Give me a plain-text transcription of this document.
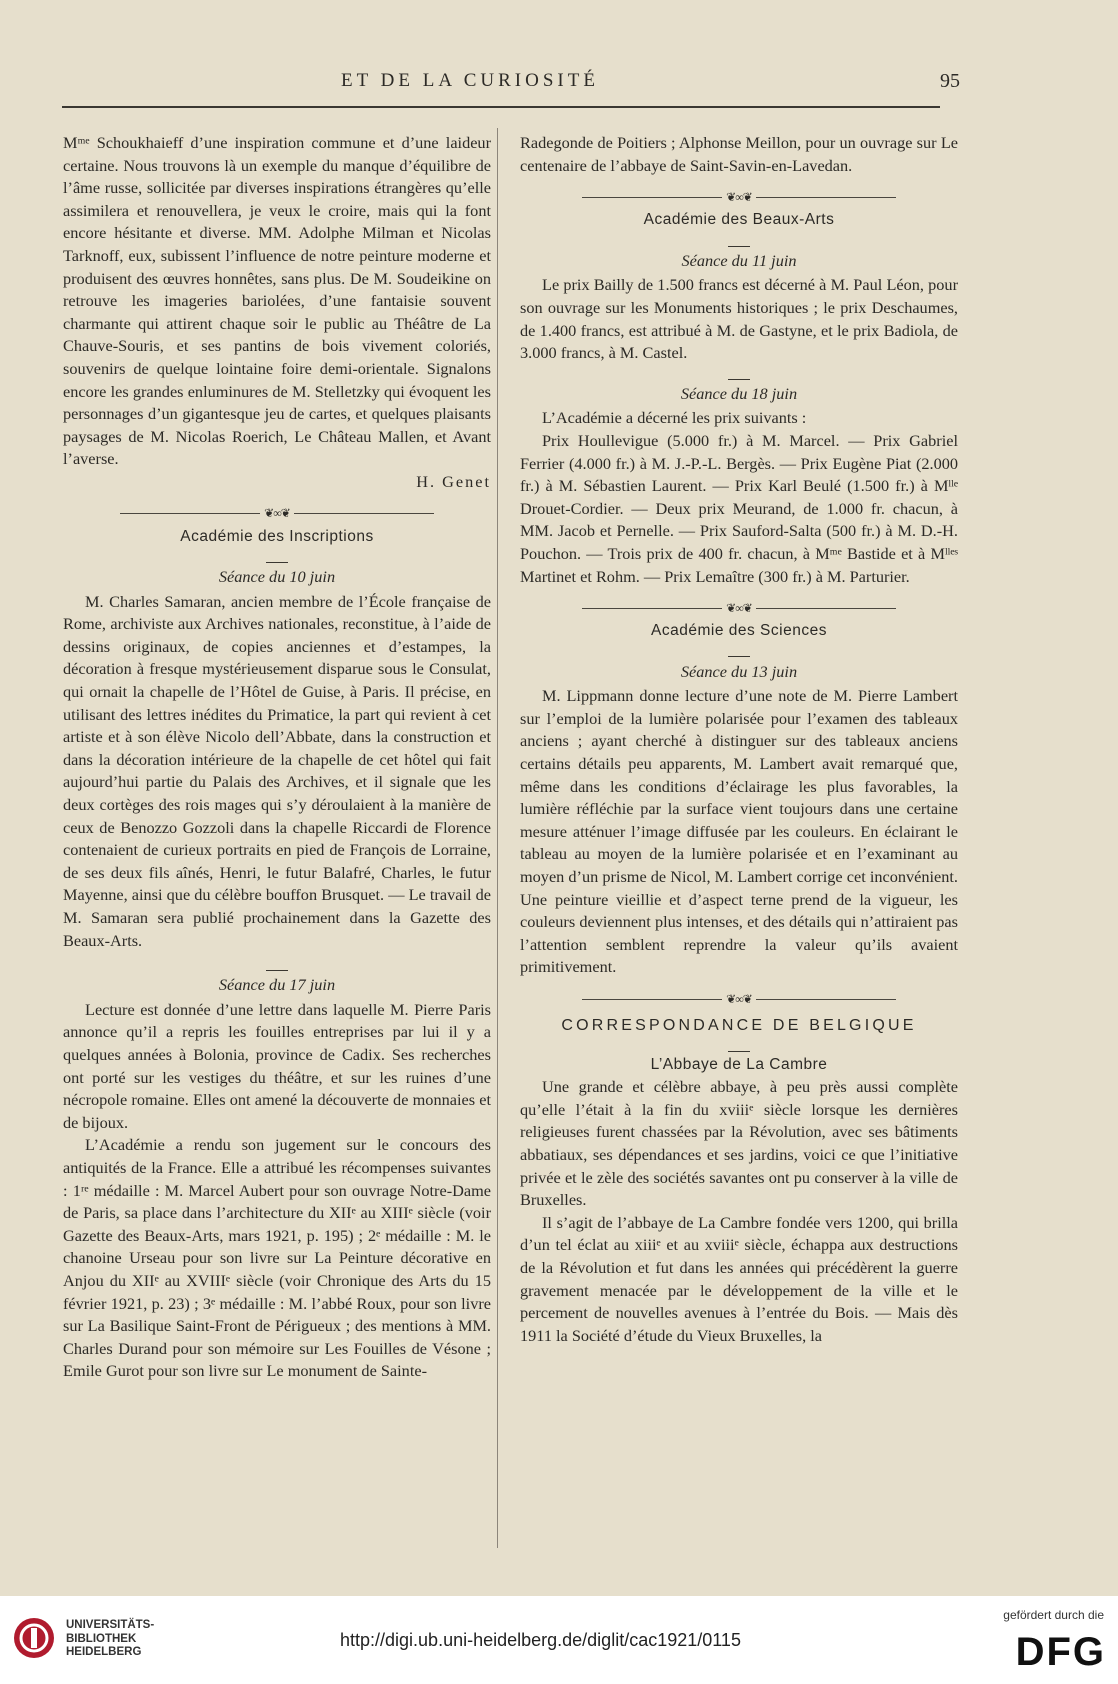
ET DE LA CURIOSITÉ	95

Mᵐᵉ Schoukhaieff d’une inspiration commune et d’une laideur certaine. Nous trouvons là un exemple du manque d’équilibre de l’âme russe, sollicitée par diverses inspirations étrangères qu’elle assimilera et renouvellera, je veux le croire, mais qui la font encore hésitante et diverse. MM. Adolphe Milman et Nicolas Tarknoff, eux, subissent l’influence de notre peinture moderne et produisent des œuvres honnêtes, sans plus. De M. Soudeikine on retrouve les imageries bariolées, d’une fantaisie souvent charmante qui attirent chaque soir le public au Théâtre de La Chauve-Souris, et ses pantins de bois vivement coloriés, souvenirs de quelque lointaine foire demi-orientale. Signalons encore les grandes enluminures de M. Stelletzky qui évoquent les personnages d’un gigantesque jeu de cartes, et quelques plaisants paysages de M. Nicolas Roerich, Le Château Mallen, et Avant l’averse.

H. Genet

❦∞❦
Académie des Inscriptions
Séance du 10 juin

M. Charles Samaran, ancien membre de l’École française de Rome, archiviste aux Archives nationales, reconstitue, à l’aide de dessins originaux, de copies anciennes et d’estampes, la décoration à fresque mystérieusement disparue sous le Consulat, qui ornait la chapelle de l’Hôtel de Guise, à Paris. Il précise, en utilisant des lettres inédites du Primatice, la part qui revient à cet artiste et à son élève Nicolo dell’Abbate, dans la construction et dans la décoration intérieure de la chapelle de cet hôtel qui fait aujourd’hui partie du Palais des Archives, et il signale que les deux cortèges des rois mages qui s’y déroulaient à la manière de ceux de Benozzo Gozzoli dans la chapelle Riccardi de Florence contenaient de curieux portraits en pied de François de Lorraine, de ses deux fils aînés, Henri, le futur Balafré, Charles, le futur Mayenne, ainsi que du célèbre bouffon Brusquet. — Le travail de M. Samaran sera publié prochainement dans la Gazette des Beaux-Arts.

Séance du 17 juin

Lecture est donnée d’une lettre dans laquelle M. Pierre Paris annonce qu’il a repris les fouilles entreprises par lui il y a quelques années à Bolonia, province de Cadix. Ses recherches ont porté sur les vestiges du théâtre, et sur les ruines d’une nécropole romaine. Elles ont amené la découverte de monnaies et de bijoux.

L’Académie a rendu son jugement sur le concours des antiquités de la France. Elle a attribué les récompenses suivantes : 1ʳᵉ médaille : M. Marcel Aubert pour son ouvrage Notre-Dame de Paris, sa place dans l’architecture du XIIᵉ au XIIIᵉ siècle (voir Gazette des Beaux-Arts, mars 1921, p. 195) ; 2ᵉ médaille : M. le chanoine Urseau pour son livre sur La Peinture décorative en Anjou du XIIᵉ au XVIIIᵉ siècle (voir Chronique des Arts du 15 février 1921, p. 23) ; 3ᵉ médaille : M. l’abbé Roux, pour son livre sur La Basilique Saint-Front de Périgueux ; des mentions à MM. Charles Durand pour son mémoire sur Les Fouilles de Vésone ; Emile Gurot pour son livre sur Le monument de Sainte-

Radegonde de Poitiers ; Alphonse Meillon, pour un ouvrage sur Le centenaire de l’abbaye de Saint-Savin-en-Lavedan.

❦∞❦
Académie des Beaux-Arts
Séance du 11 juin

Le prix Bailly de 1.500 francs est décerné à M. Paul Léon, pour son ouvrage sur les Monuments historiques ; le prix Deschaumes, de 1.400 francs, est attribué à M. de Gastyne, et le prix Badiola, de 3.000 francs, à M. Castel.

Séance du 18 juin

L’Académie a décerné les prix suivants :

Prix Houllevigue (5.000 fr.) à M. Marcel. — Prix Gabriel Ferrier (4.000 fr.) à M. J.-P.-L. Bergès. — Prix Eugène Piat (2.000 fr.) à M. Sébastien Laurent. — Prix Karl Beulé (1.500 fr.) à Mˡˡᵉ Drouet-Cordier. — Deux prix Meurand, de 1.000 fr. chacun, à MM. Jacob et Pernelle. — Prix Sauford-Salta (500 fr.) à M. D.-H. Pouchon. — Trois prix de 400 fr. chacun, à Mᵐᵉ Bastide et à Mˡˡᵉˢ Martinet et Rohm. — Prix Lemaître (300 fr.) à M. Parturier.

❦∞❦
Académie des Sciences
Séance du 13 juin

M. Lippmann donne lecture d’une note de M. Pierre Lambert sur l’emploi de la lumière polarisée pour l’examen des tableaux anciens ; ayant cherché à distinguer sur des tableaux anciens certains détails peu apparents, M. Lambert avait remarqué que, même dans les conditions d’éclairage les plus favorables, la lumière réfléchie par la surface vient toujours dans une certaine mesure atténuer l’image diffusée par les couleurs. En éclairant le tableau au moyen de la lumière polarisée et en l’examinant au moyen d’un prisme de Nicol, M. Lambert corrige cet inconvénient. Une peinture vieillie et d’aspect terne prend de la vigueur, les couleurs deviennent plus intenses, et des détails qui n’attiraient pas l’attention semblent reprendre la valeur qu’ils avaient primitivement.

❦∞❦
CORRESPONDANCE DE BELGIQUE
L’Abbaye de La Cambre

Une grande et célèbre abbaye, à peu près aussi complète qu’elle l’était à la fin du xviiiᵉ siècle lorsque les dernières religieuses furent chassées par la Révolution, avec ses bâtiments abbatiaux, ses dépendances et ses jardins, voici ce que l’initiative privée et le zèle des sociétés savantes ont pu conserver à la ville de Bruxelles.

Il s’agit de l’abbaye de La Cambre fondée vers 1200, qui brilla d’un tel éclat au xiiiᵉ et au xviiiᵉ siècle, échappa aux destructions de la Révolution et fut dans les années qui précédèrent la guerre gravement menacée par le développement de la ville et le percement de nouvelles avenues à l’entrée du Bois. — Mais dès 1911 la Société d’étude du Vieux Bruxelles, la

UNIVERSITÄTS-
BIBLIOTHEK
HEIDELBERG
http://digi.ub.uni-heidelberg.de/diglit/cac1921/0115
gefördert durch die
DFG
